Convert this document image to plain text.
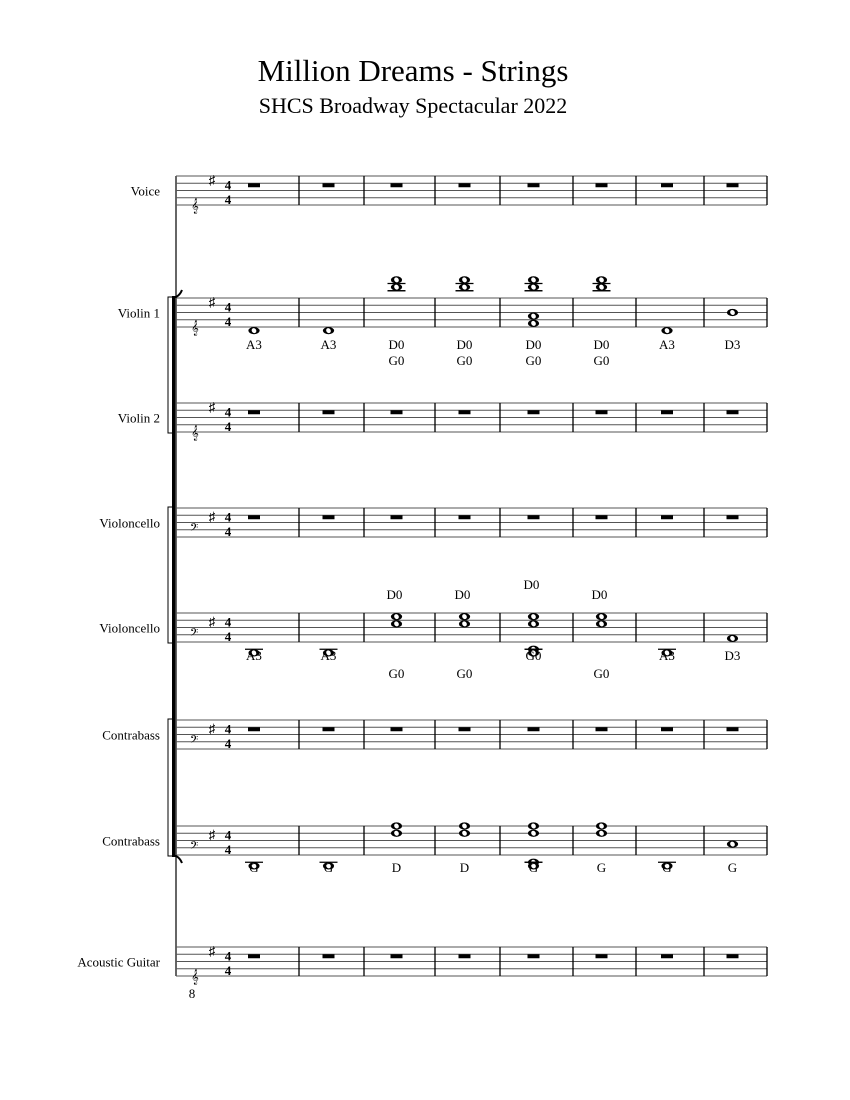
Million Dreams - Strings
SHCS Broadway Spectacular 2022
Voice
𝄞
♯ 4
4
Violin 1
𝄞
♯ 4
4
A3	A3	D0
G0
D0
G0
D0
G0
D0
G0
A3	D3
Violin 2
𝄞
♯ 4
4
Violoncello 𝄢
♯ 4
4
Violoncello 𝄢
♯ 4
4
A3	A3
G0
D0
G0
D0
G0
D0
G0
D0
A3	D3
Contrabass 𝄢
♯ 4
4
Contrabass 𝄢
♯ 4
4
G	G	D	D	G	G	G	G
Acoustic Guitar
𝄞
8
♯ 4
4
